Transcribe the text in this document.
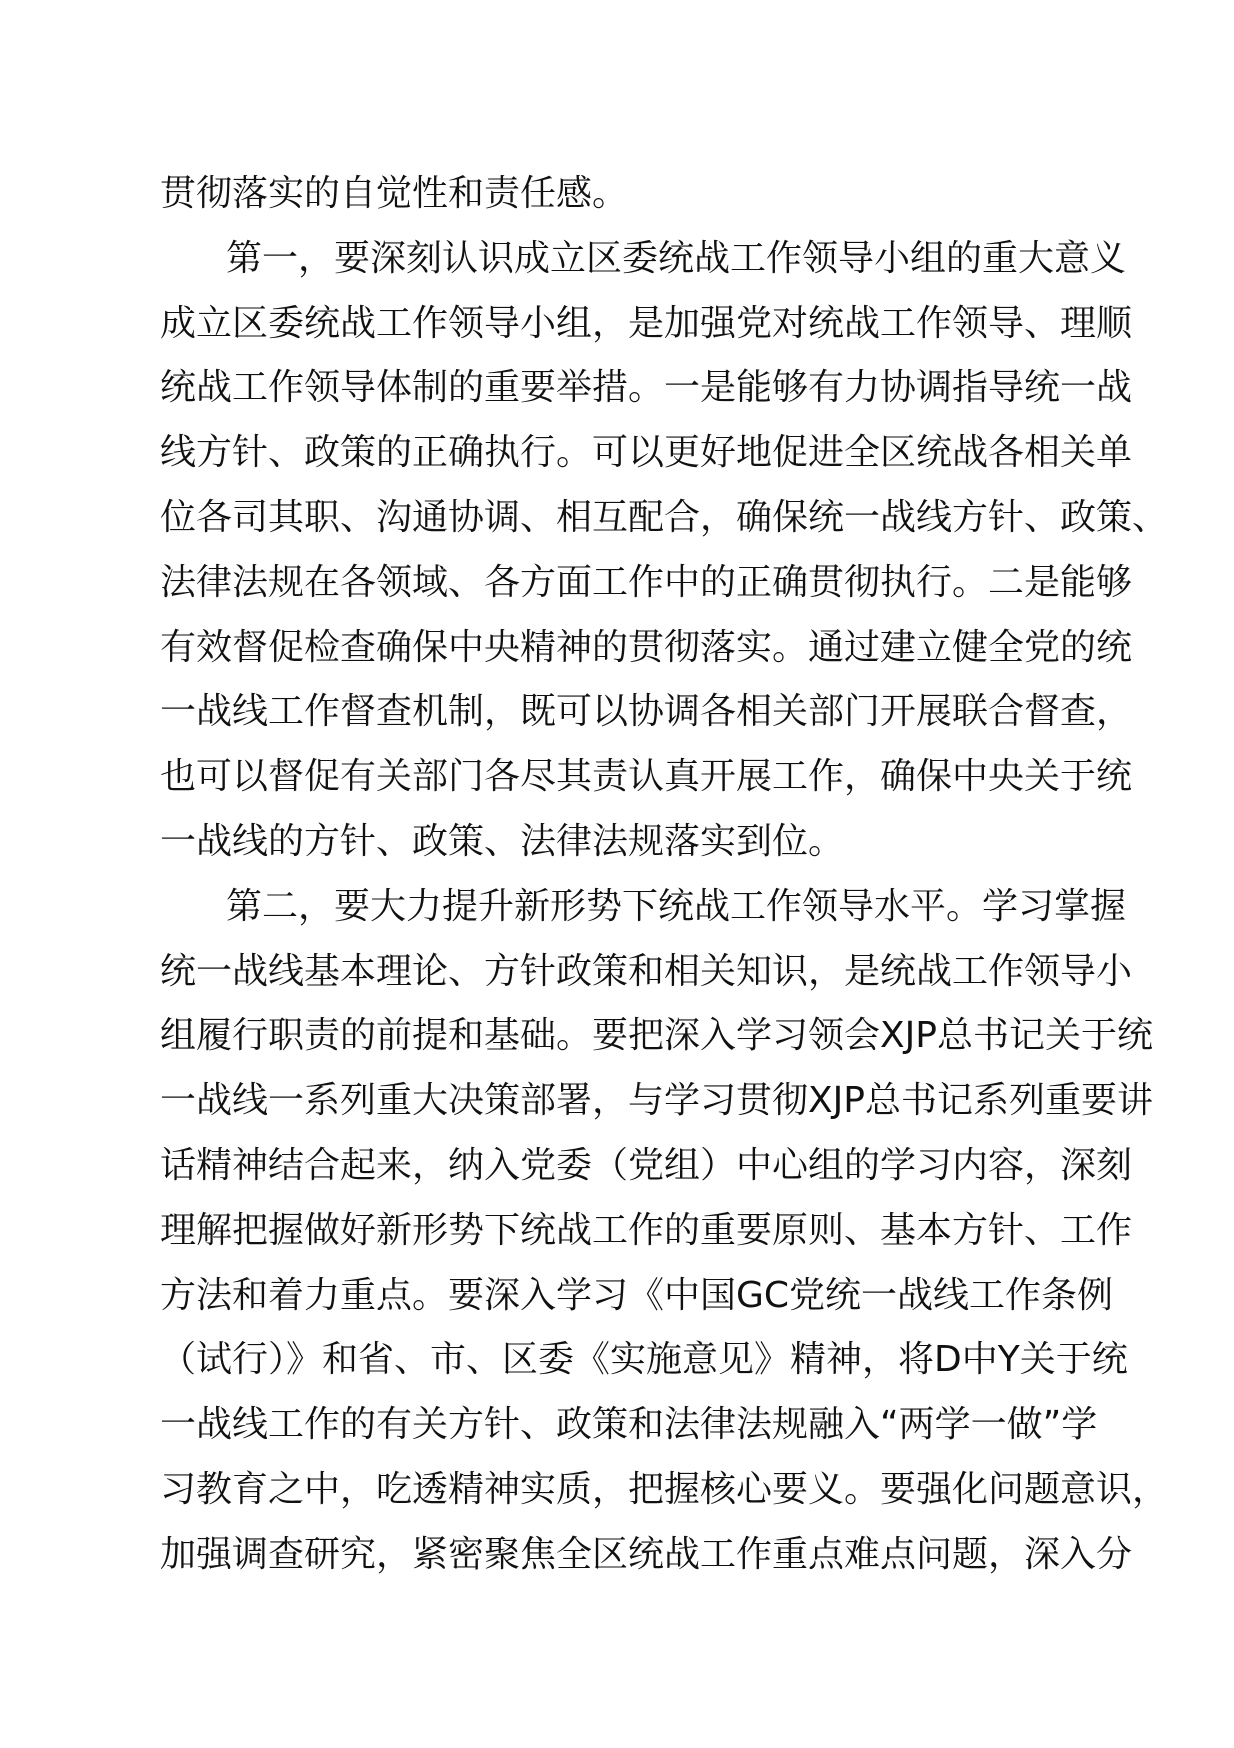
贯彻落实的自觉性和责任感。
第一，要深刻认识成立区委统战工作领导小组的重大意义
成立区委统战工作领导小组，是加强党对统战工作领导、理顺
统战工作领导体制的重要举措。一是能够有力协调指导统一战
线方针、政策的正确执行。可以更好地促进全区统战各相关单
位各司其职、沟通协调、相互配合，确保统一战线方针、政策、
法律法规在各领域、各方面工作中的正确贯彻执行。二是能够
有效督促检查确保中央精神的贯彻落实。通过建立健全党的统
一战线工作督查机制，既可以协调各相关部门开展联合督查，
也可以督促有关部门各尽其责认真开展工作，确保中央关于统
一战线的方针、政策、法律法规落实到位。
第二，要大力提升新形势下统战工作领导水平。学习掌握
统一战线基本理论、方针政策和相关知识，是统战工作领导小
组履行职责的前提和基础。要把深入学习领会XJP总书记关于统
一战线一系列重大决策部署，与学习贯彻XJP总书记系列重要讲
话精神结合起来，纳入党委（党组）中心组的学习内容，深刻
理解把握做好新形势下统战工作的重要原则、基本方针、工作
方法和着力重点。要深入学习《中国GC党统一战线工作条例
（试行）》和省、市、区委《实施意见》精神，将D中Y关于统
一战线工作的有关方针、政策和法律法规融入“两学一做”学
习教育之中，吃透精神实质，把握核心要义。要强化问题意识，
加强调查研究，紧密聚焦全区统战工作重点难点问题，深入分
